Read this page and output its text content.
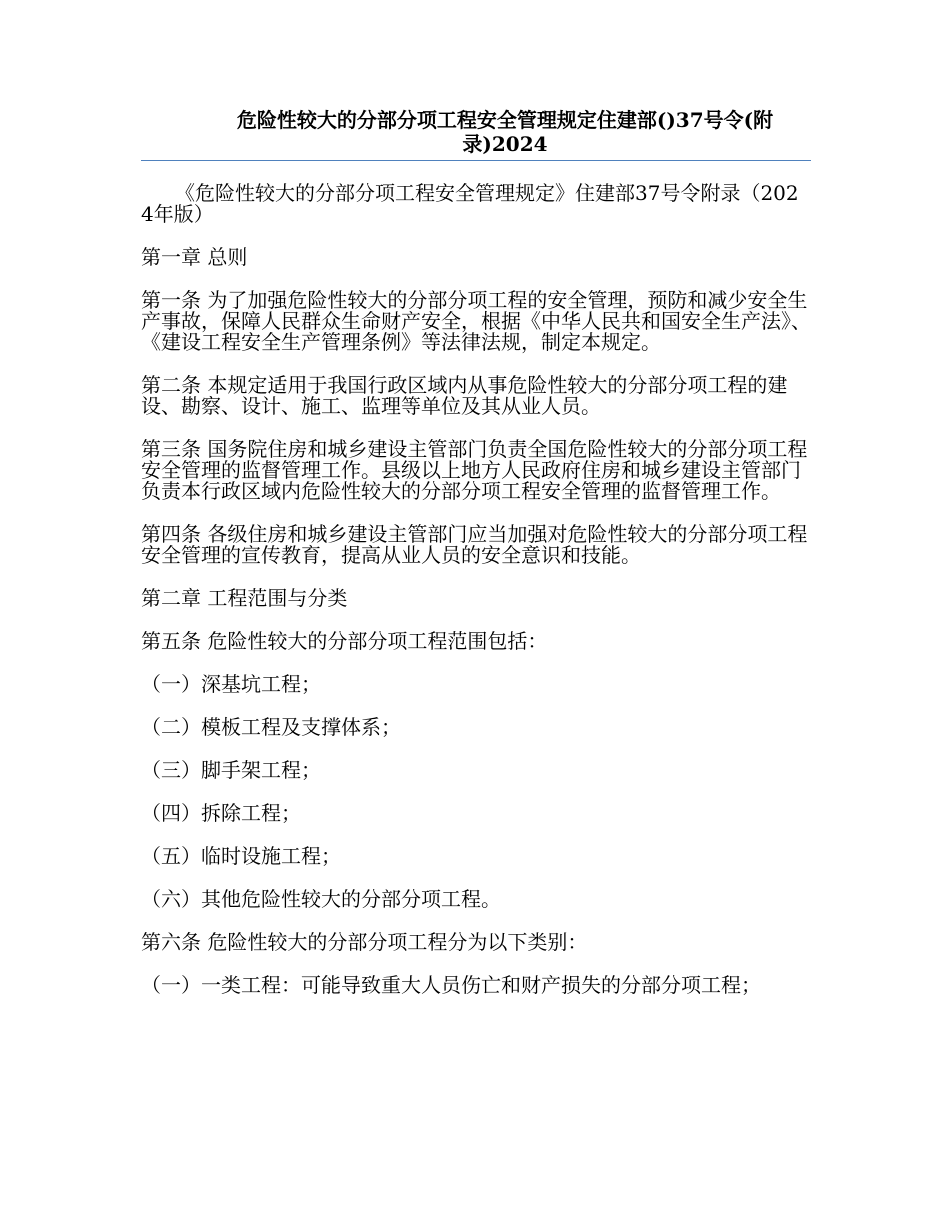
危险性较大的分部分项工程安全管理规定住建部()37号令(附录)2024

《危险性较大的分部分项工程安全管理规定》住建部37号令附录（2024年版）

第一章 总则

第一条 为了加强危险性较大的分部分项工程的安全管理，预防和减少安全生产事故，保障人民群众生命财产安全，根据《中华人民共和国安全生产法》、《建设工程安全生产管理条例》等法律法规，制定本规定。

第二条 本规定适用于我国行政区域内从事危险性较大的分部分项工程的建设、勘察、设计、施工、监理等单位及其从业人员。

第三条 国务院住房和城乡建设主管部门负责全国危险性较大的分部分项工程安全管理的监督管理工作。县级以上地方人民政府住房和城乡建设主管部门负责本行政区域内危险性较大的分部分项工程安全管理的监督管理工作。

第四条 各级住房和城乡建设主管部门应当加强对危险性较大的分部分项工程安全管理的宣传教育，提高从业人员的安全意识和技能。

第二章 工程范围与分类

第五条 危险性较大的分部分项工程范围包括：

（一）深基坑工程；

（二）模板工程及支撑体系；

（三）脚手架工程；

（四）拆除工程；

（五）临时设施工程；

（六）其他危险性较大的分部分项工程。

第六条 危险性较大的分部分项工程分为以下类别：

（一）一类工程：可能导致重大人员伤亡和财产损失的分部分项工程；
